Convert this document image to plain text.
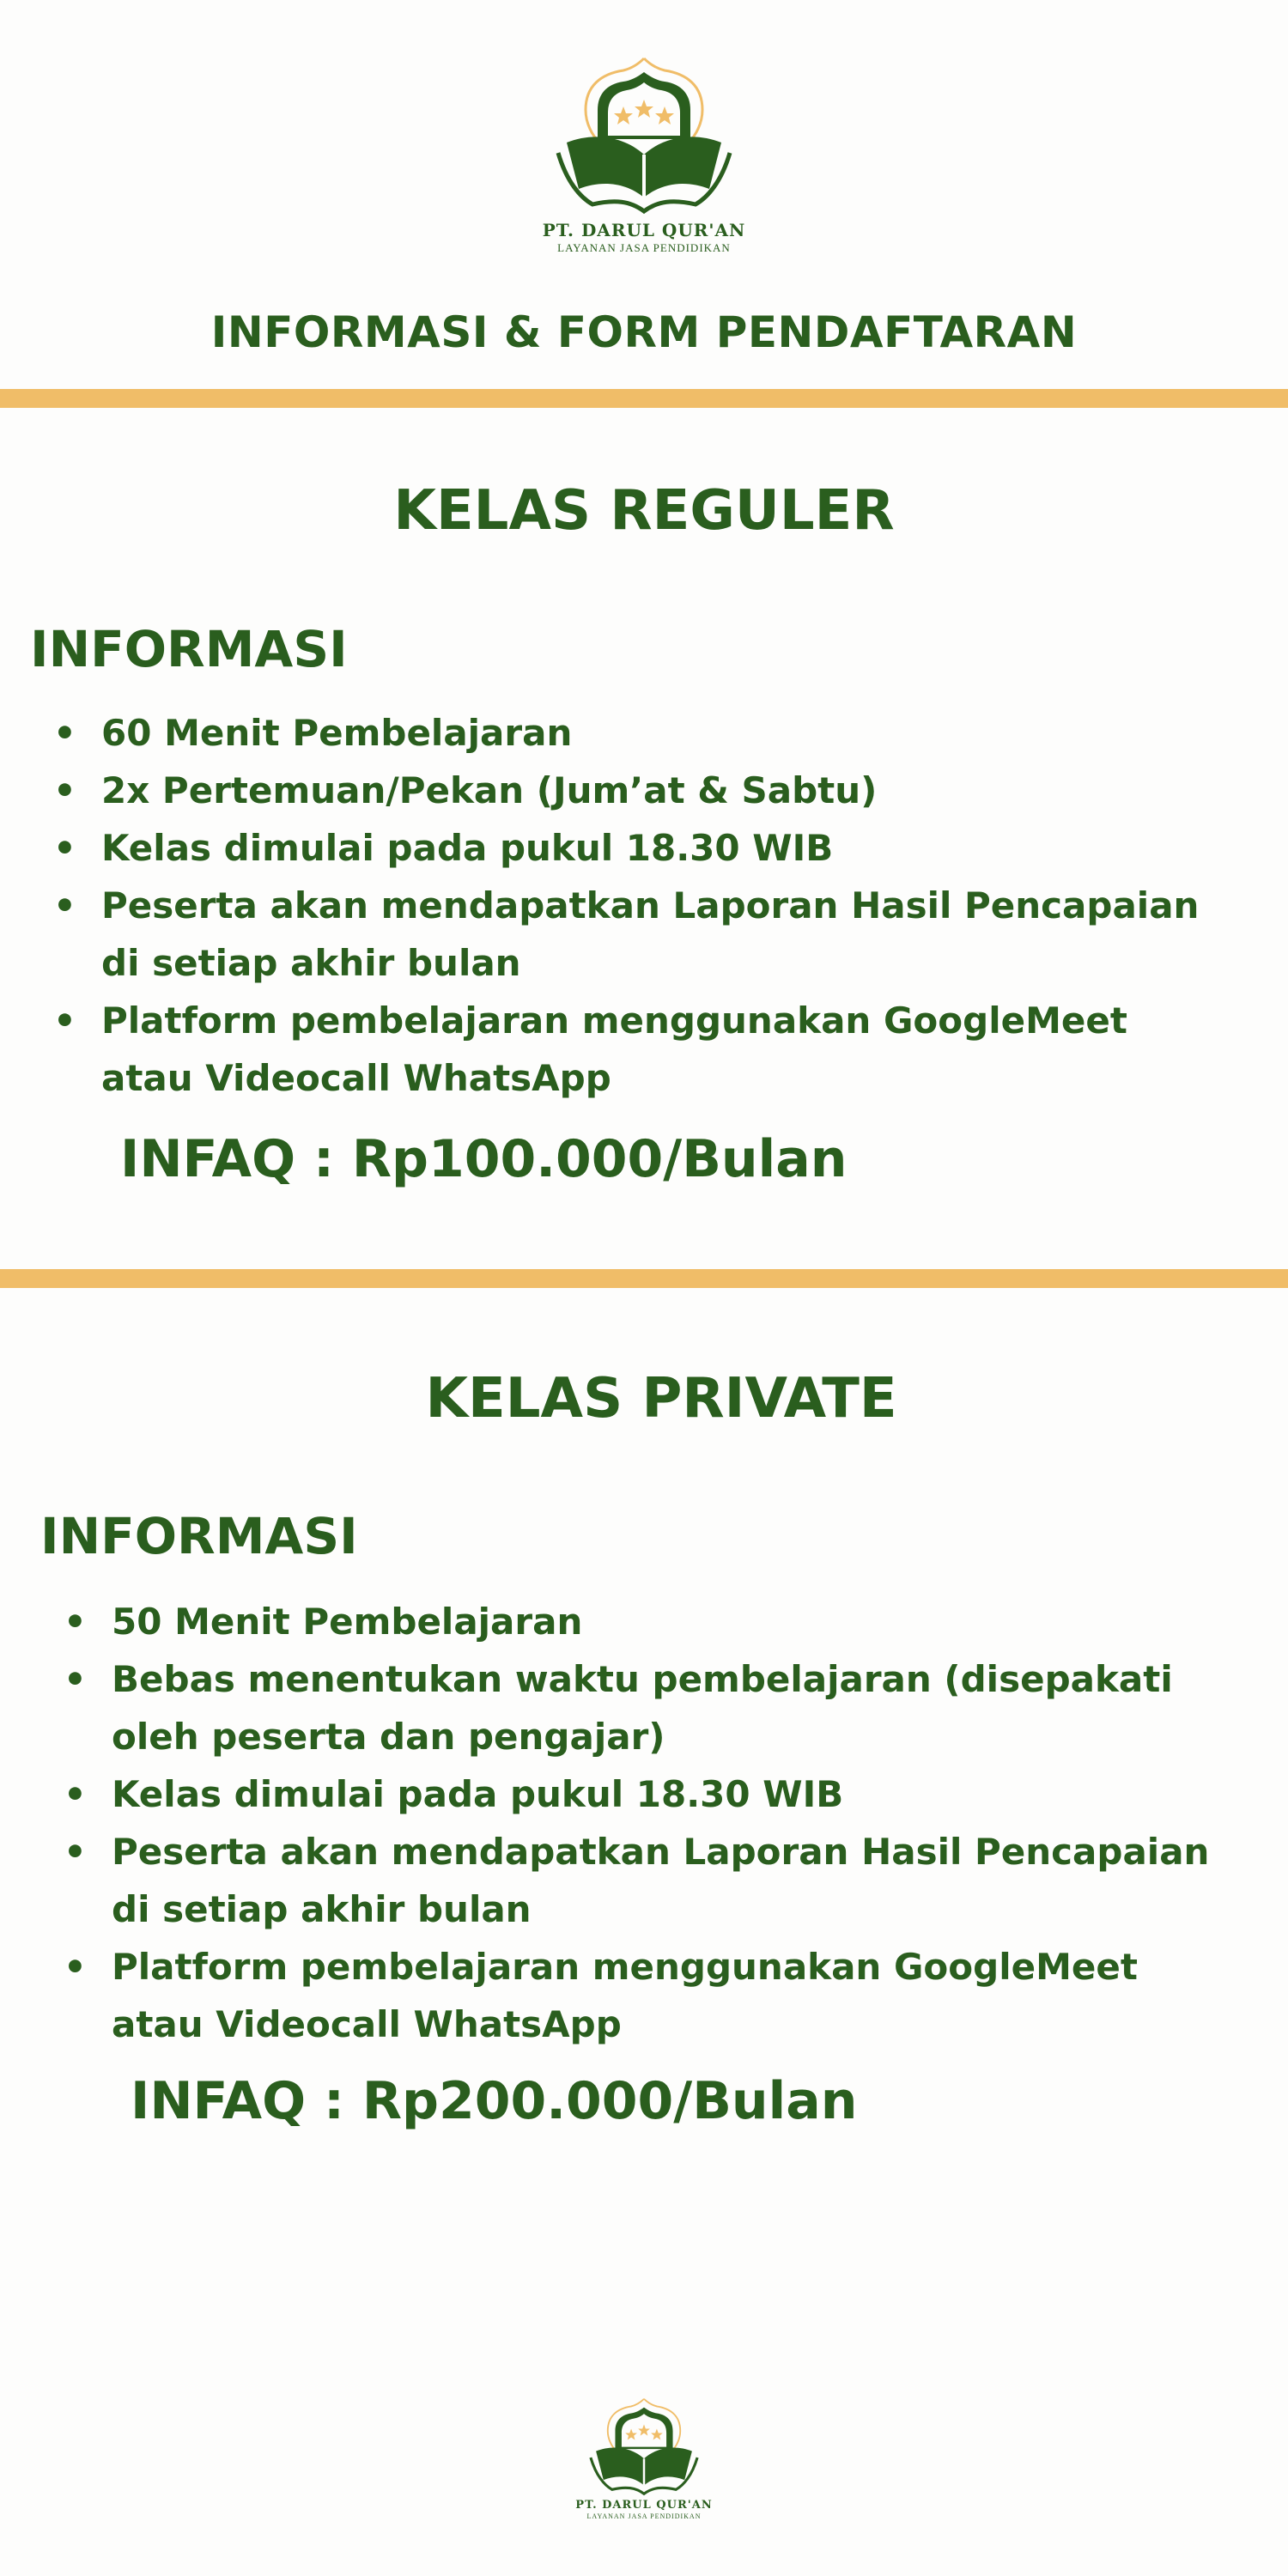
PT. DARUL QUR'AN
LAYANAN JASA PENDIDIKAN
INFORMASI & FORM PENDAFTARAN
KELAS REGULER
INFORMASI
• 60 Menit Pembelajaran
• 2x Pertemuan/Pekan (Jum’at & Sabtu)
• Kelas dimulai pada pukul 18.30 WIB
• Peserta akan mendapatkan Laporan Hasil Pencapaian di setiap akhir bulan
• Platform pembelajaran menggunakan GoogleMeet atau Videocall WhatsApp

INFAQ : Rp100.000/Bulan

KELAS PRIVATE
INFORMASI
• 50 Menit Pembelajaran
• Bebas menentukan waktu pembelajaran (disepakati oleh peserta dan pengajar)
• Kelas dimulai pada pukul 18.30 WIB
• Peserta akan mendapatkan Laporan Hasil Pencapaian di setiap akhir bulan
• Platform pembelajaran menggunakan GoogleMeet atau Videocall WhatsApp

INFAQ : Rp200.000/Bulan

PT. DARUL QUR'AN
LAYANAN JASA PENDIDIKAN
